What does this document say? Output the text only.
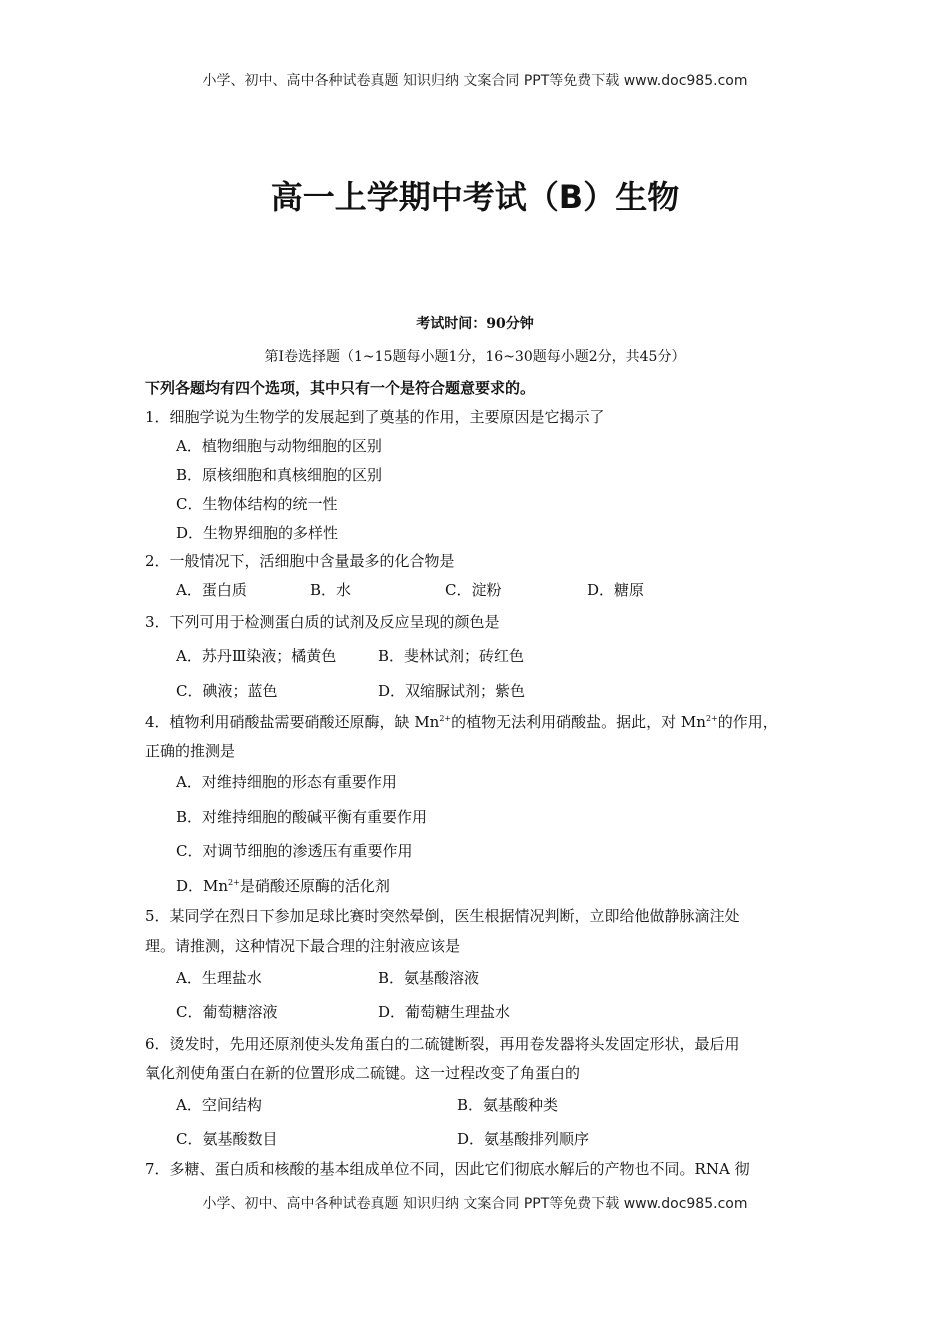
小学、初中、高中各种试卷真题 知识归纳 文案合同 PPT等免费下载 www.doc985.com
高一上学期中考试（B）生物
考试时间：90分钟
第Ⅰ卷选择题（1~15题每小题1分，16~30题每小题2分，共45分）
下列各题均有四个选项，其中只有一个是符合题意要求的。
1．细胞学说为生物学的发展起到了奠基的作用，主要原因是它揭示了
A．植物细胞与动物细胞的区别
B．原核细胞和真核细胞的区别
C．生物体结构的统一性
D．生物界细胞的多样性
2．一般情况下，活细胞中含量最多的化合物是
A．蛋白质	B．水	C．淀粉	D．糖原
3．下列可用于检测蛋白质的试剂及反应呈现的颜色是
A．苏丹Ⅲ染液；橘黄色	B．斐林试剂；砖红色
C．碘液；蓝色	D．双缩脲试剂；紫色
4．植物利用硝酸盐需要硝酸还原酶，缺 $Mn^{2+}$的植物无法利用硝酸盐。据此，对 $Mn^{2+}$的作用，
正确的推测是
A．对维持细胞的形态有重要作用
B．对维持细胞的酸碱平衡有重要作用
C．对调节细胞的渗透压有重要作用
D．$Mn^{2+}$是硝酸还原酶的活化剂
5．某同学在烈日下参加足球比赛时突然晕倒，医生根据情况判断，立即给他做静脉滴注处
理。请推测，这种情况下最合理的注射液应该是
A．生理盐水	B．氨基酸溶液
C．葡萄糖溶液	D．葡萄糖生理盐水
6．烫发时，先用还原剂使头发角蛋白的二硫键断裂，再用卷发器将头发固定形状，最后用
氧化剂使角蛋白在新的位置形成二硫键。这一过程改变了角蛋白的
A．空间结构	B．氨基酸种类
C．氨基酸数目	D．氨基酸排列顺序
7．多糖、蛋白质和核酸的基本组成单位不同，因此它们彻底水解后的产物也不同。RNA 彻
小学、初中、高中各种试卷真题 知识归纳 文案合同 PPT等免费下载 www.doc985.com
